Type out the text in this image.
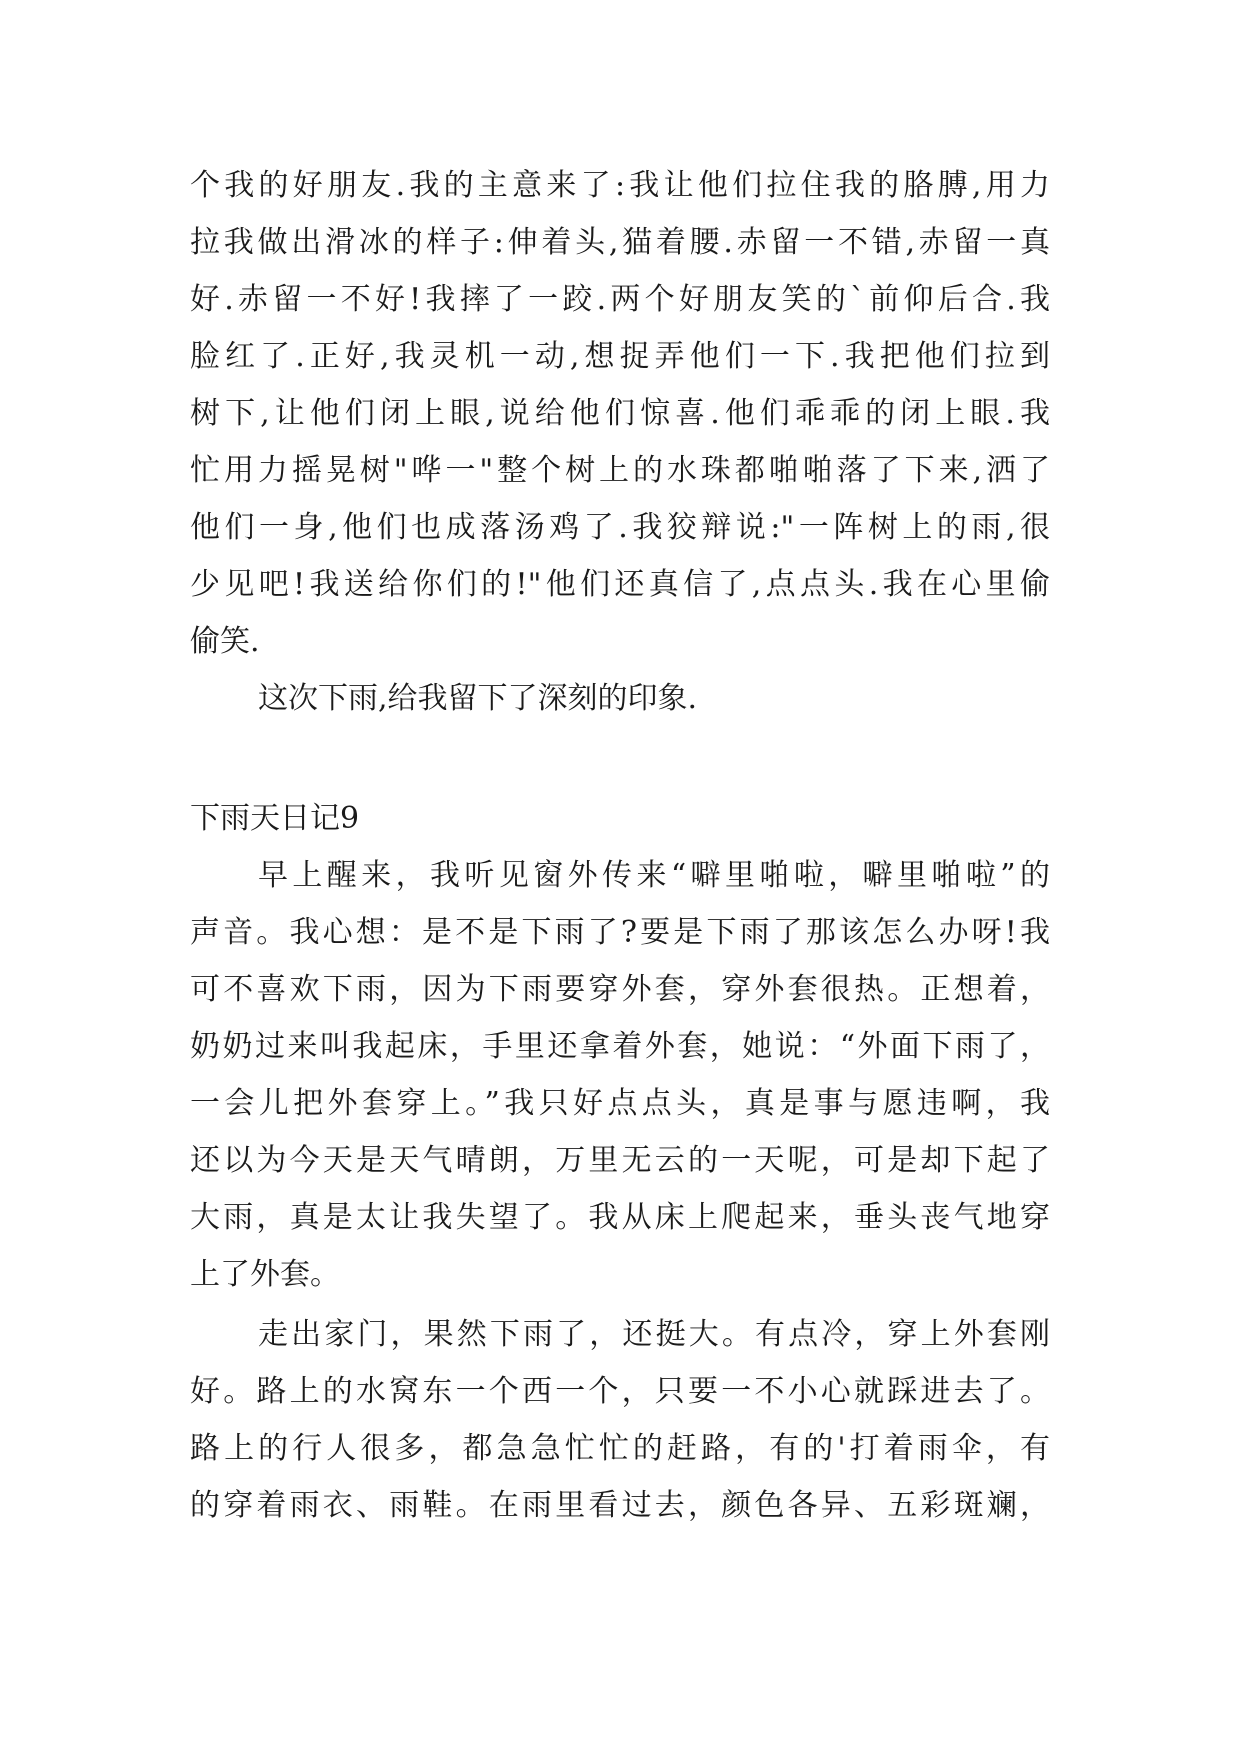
个我的好朋友.我的主意来了:我让他们拉住我的胳膊,用力
拉我做出滑冰的样子:伸着头,猫着腰.赤留一不错,赤留一真
好.赤留一不好!我摔了一跤.两个好朋友笑的`前仰后合.我
脸红了.正好,我灵机一动,想捉弄他们一下.我把他们拉到
树下,让他们闭上眼,说给他们惊喜.他们乖乖的闭上眼.我
忙用力摇晃树"哗一"整个树上的水珠都啪啪落了下来,洒了
他们一身,他们也成落汤鸡了.我狡辩说:"一阵树上的雨,很
少见吧!我送给你们的!"他们还真信了,点点头.我在心里偷
偷笑.
这次下雨,给我留下了深刻的印象.
下雨天日记9
早上醒来，我听见窗外传来“噼里啪啦，噼里啪啦”的
声音。我心想：是不是下雨了?要是下雨了那该怎么办呀!我
可不喜欢下雨，因为下雨要穿外套，穿外套很热。正想着，
奶奶过来叫我起床，手里还拿着外套，她说：“外面下雨了，
一会儿把外套穿上。”我只好点点头，真是事与愿违啊，我
还以为今天是天气晴朗，万里无云的一天呢，可是却下起了
大雨，真是太让我失望了。我从床上爬起来，垂头丧气地穿
上了外套。
走出家门，果然下雨了，还挺大。有点冷，穿上外套刚
好。路上的水窝东一个西一个，只要一不小心就踩进去了。
路上的行人很多，都急急忙忙的赶路，有的'打着雨伞，有
的穿着雨衣、雨鞋。在雨里看过去，颜色各异、五彩斑斓，
